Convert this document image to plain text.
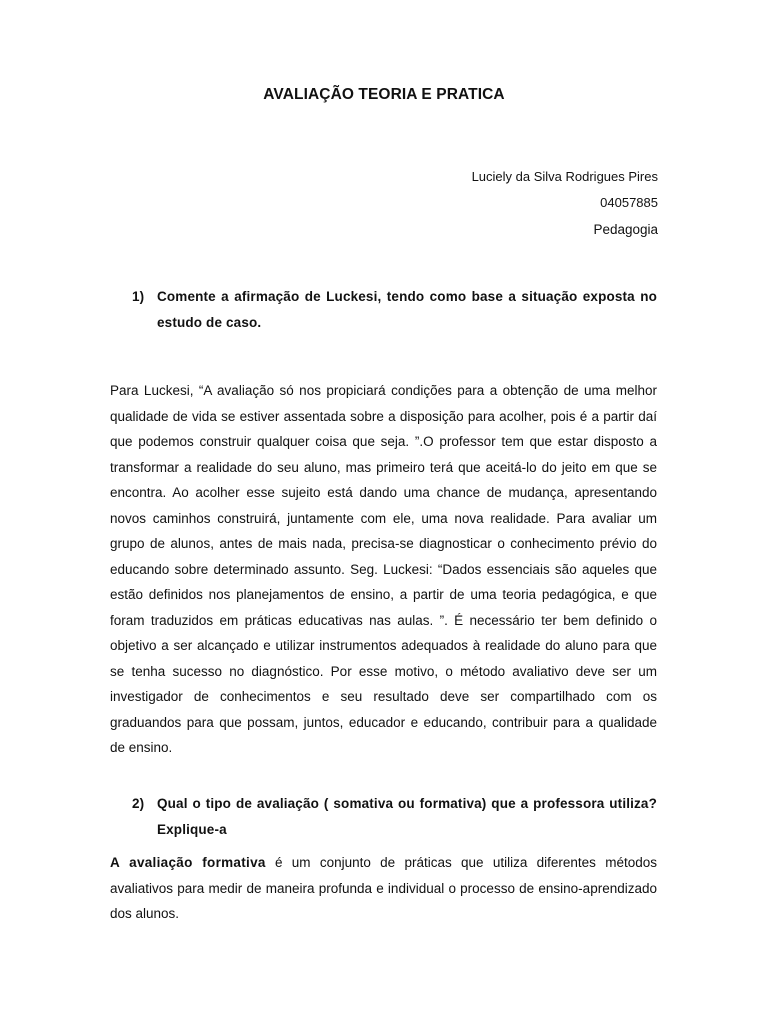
AVALIAÇÃO TEORIA E PRATICA
Luciely da Silva Rodrigues Pires
04057885
Pedagogia
1) Comente a afirmação de Luckesi, tendo como base a situação exposta no estudo de caso.
Para Luckesi, “A avaliação só nos propiciará condições para a obtenção de uma melhor qualidade de vida se estiver assentada sobre a disposição para acolher, pois é a partir daí que podemos construir qualquer coisa que seja. ”.O professor tem que estar disposto a transformar a realidade do seu aluno, mas primeiro terá que aceitá-lo do jeito em que se encontra. Ao acolher esse sujeito está dando uma chance de mudança, apresentando novos caminhos construirá, juntamente com ele, uma nova realidade. Para avaliar um grupo de alunos, antes de mais nada, precisa-se diagnosticar o conhecimento prévio do educando sobre determinado assunto. Seg. Luckesi: “Dados essenciais são aqueles que estão definidos nos planejamentos de ensino, a partir de uma teoria pedagógica, e que foram traduzidos em práticas educativas nas aulas. ”. É necessário ter bem definido o objetivo a ser alcançado e utilizar instrumentos adequados à realidade do aluno para que se tenha sucesso no diagnóstico. Por esse motivo, o método avaliativo deve ser um investigador de conhecimentos e seu resultado deve ser compartilhado com os graduandos para que possam, juntos, educador e educando, contribuir para a qualidade de ensino.
2) Qual o tipo de avaliação ( somativa ou formativa) que a professora utiliza? Explique-a
A avaliação formativa é um conjunto de práticas que utiliza diferentes métodos avaliativos para medir de maneira profunda e individual o processo de ensino-aprendizado dos alunos.
